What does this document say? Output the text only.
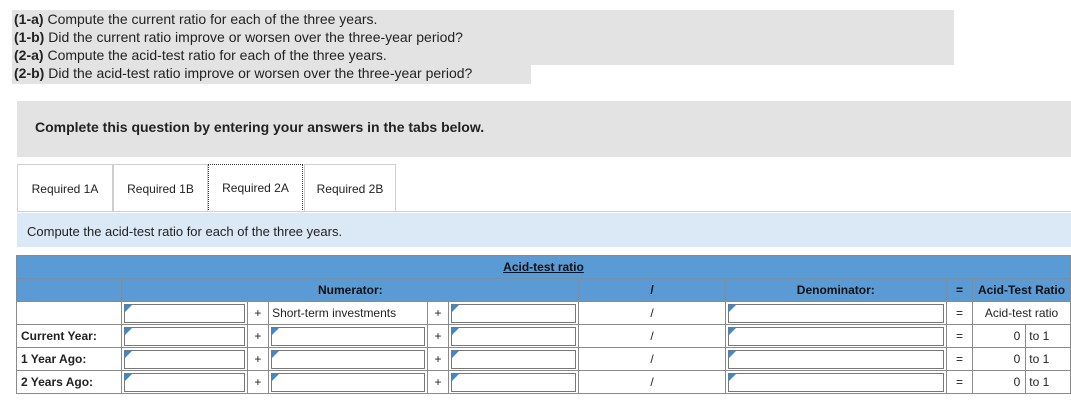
(1-a) Compute the current ratio for each of the three years.
(1-b) Did the current ratio improve or worsen over the three-year period?
(2-a) Compute the acid-test ratio for each of the three years.
(2-b) Did the acid-test ratio improve or worsen over the three-year period?
Complete this question by entering your answers in the tabs below.
Required 1A	Required 1B	Required 2A	Required 2B
Compute the acid-test ratio for each of the three years.
Acid-test ratio										
	Numerator:					/	Denominator:	=	Acid-Test Ratio	

	+	Short-term investments	+		/		=	Acid-test ratio	
Current Year:		+		+		/		=	0	to 1
1 Year Ago:		+		+		/		=	0	to 1
2 Years Ago:		+		+		/		=	0	to 1
